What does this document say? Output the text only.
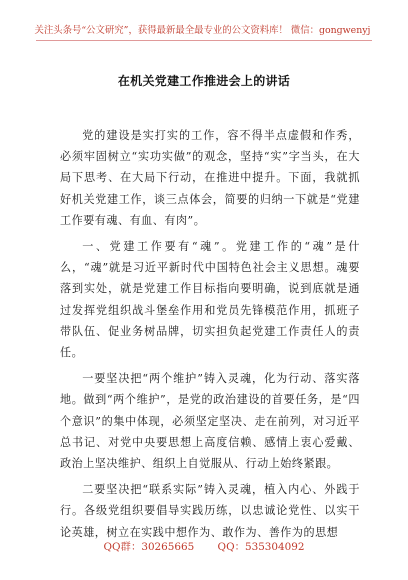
关注头条号“公文研究”，获得最新最全最专业的公文资料库！ 微信：gongwenyj
在机关党建工作推进会上的讲话

党的建设是实打实的工作，容不得半点虚假和作秀，必须牢固树立“实功实做”的观念，坚持“实”字当头，在大局下思考、在大局下行动，在推进中提升。下面，我就抓好机关党建工作，谈三点体会，简要的归纳一下就是“党建工作要有魂、有血、有肉”。

一、党建工作要有“魂”。党建工作的“魂”是什么，“魂”就是习近平新时代中国特色社会主义思想。魂要落到实处，就是党建工作目标指向要明确，说到底就是通过发挥党组织战斗堡垒作用和党员先锋模范作用，抓班子带队伍、促业务树品牌，切实担负起党建工作责任人的责任。

一要坚决把“两个维护”铸入灵魂，化为行动、落实落地。做到“两个维护”，是党的政治建设的首要任务，是“四个意识”的集中体现，必须坚定坚决、走在前列，对习近平总书记、对党中央要思想上高度信赖、感情上衷心爱戴、政治上坚决维护、组织上自觉服从、行动上始终紧跟。

二要坚决把“联系实际”铸入灵魂，植入内心、外践于行。各级党组织要倡导实践历练，以忠诚论党性、以实干论英雄，树立在实践中想作为、敢作为、善作为的思想

QQ群：30265665 QQ：535304092
